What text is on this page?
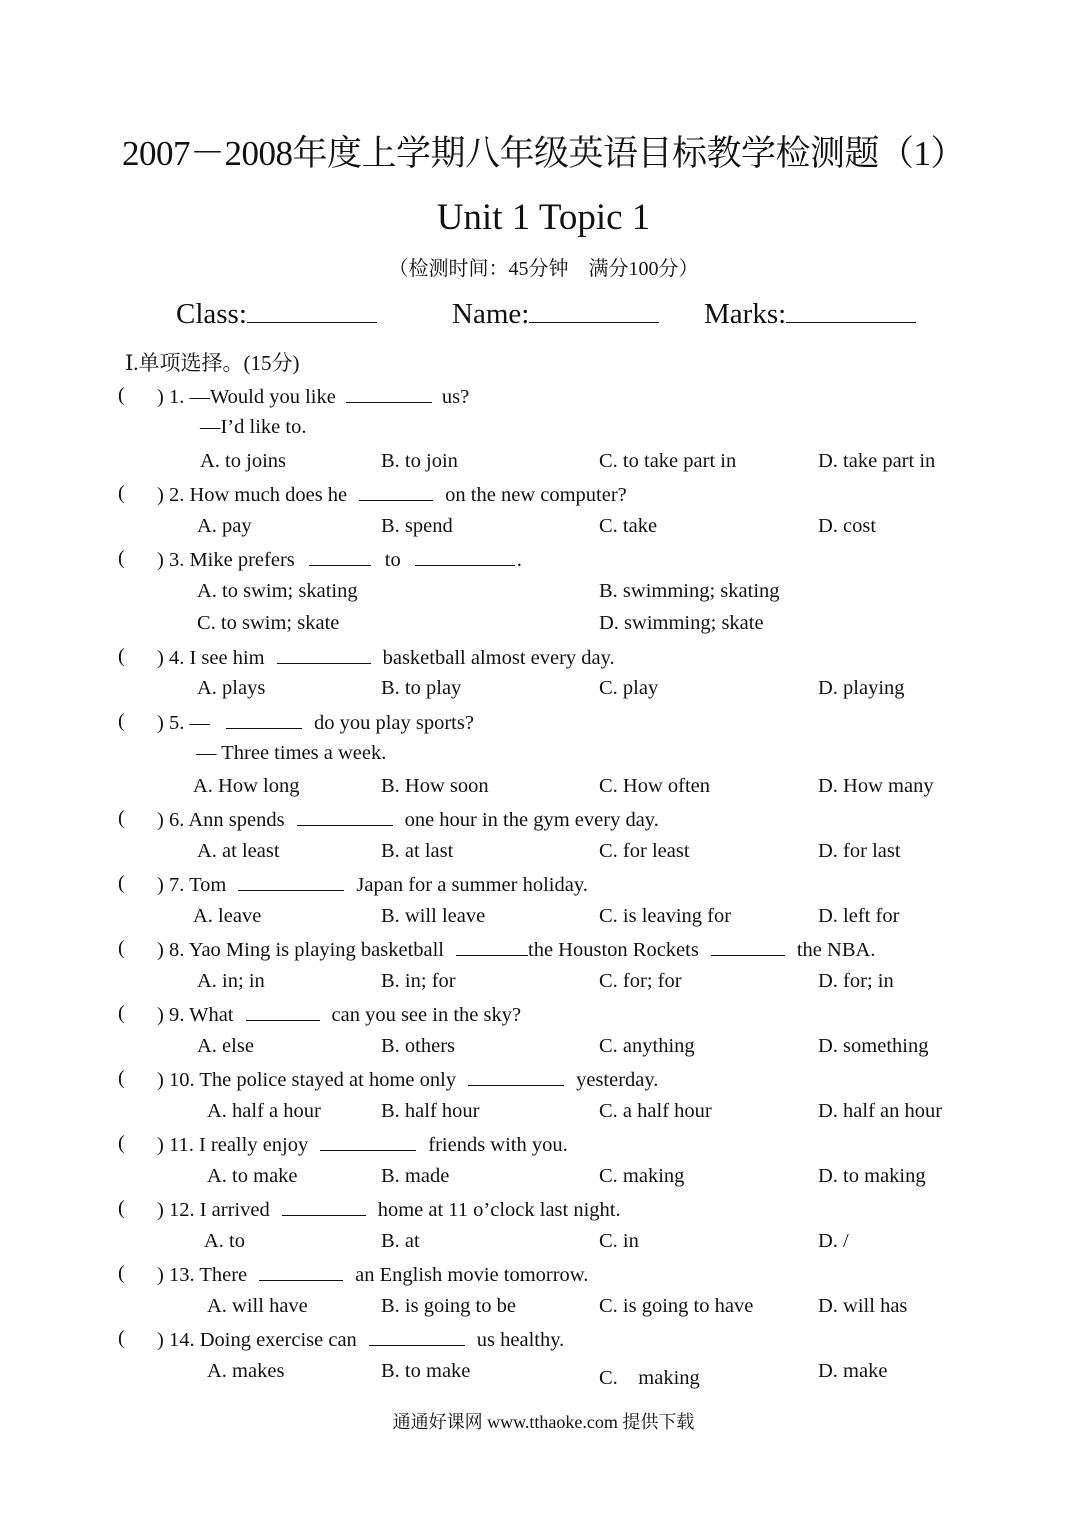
2007－2008年度上学期八年级英语目标教学检测题（1）
Unit 1 Topic 1
（检测时间：45分钟　满分100分）
Class:	Name:	Marks:
Ⅰ.单项选择。(15分)
( ) 1. —Would you like	us?
—I’d like to.
A. to joins	B. to join	C. to take part in	D. take part in
( ) 2. How much does he	on the new computer?
A. pay	B. spend	C. take	D. cost
( ) 3. Mike prefers	to	.
A. to swim; skating	B. swimming; skating
C. to swim; skate	D. swimming; skate
( ) 4. I see him	basketball almost every day.
A. plays	B. to play	C. play	D. playing
( ) 5. —	do you play sports?
— Three times a week.
A. How long	B. How soon	C. How often	D. How many
( ) 6. Ann spends	one hour in the gym every day.
A. at least	B. at last	C. for least	D. for last
( ) 7. Tom	Japan for a summer holiday.
A. leave	B. will leave	C. is leaving for	D. left for
( ) 8. Yao Ming is playing basketball	the Houston Rockets	the NBA.
A. in; in	B. in; for	C. for; for	D. for; in
( ) 9. What	can you see in the sky?
A. else	B. others	C. anything	D. something
( ) 10. The police stayed at home only	yesterday.
A. half a hour	B. half hour	C. a half hour	D. half an hour
( ) 11. I really enjoy	friends with you.
A. to make	B. made	C. making	D. to making
( ) 12. I arrived	home at 11 o’clock last night.
A. to	B. at	C. in	D. /
( ) 13. There	an English movie tomorrow.
A. will have	B. is going to be	C. is going to have	D. will has
( ) 14. Doing exercise can	us healthy.
A. makes	B. to make	C.　making	D. make
通通好课网 www.tthaoke.com 提供下载
